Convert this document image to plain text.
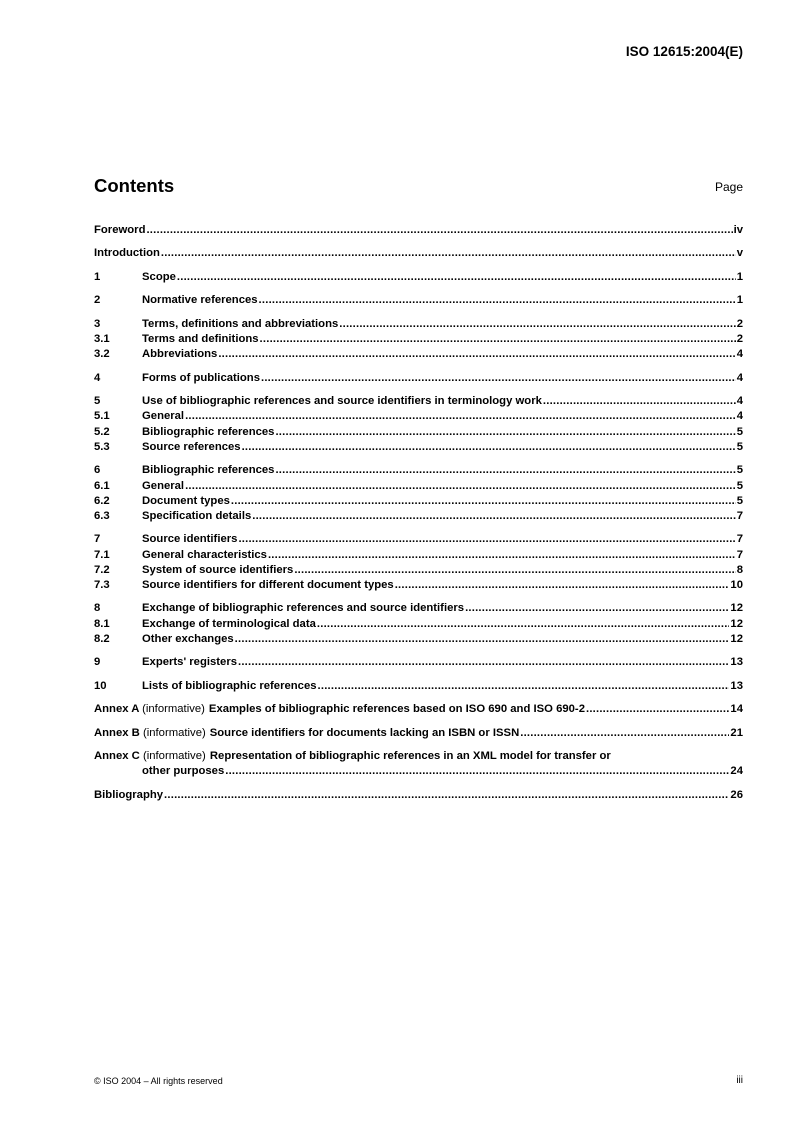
ISO 12615:2004(E)
Contents	Page
Foreword .....	iv
Introduction .....	v
1	Scope .....	1
2	Normative references .....	1
3	Terms, definitions and abbreviations .....	2
3.1	Terms and definitions .....	2
3.2	Abbreviations .....	4
4	Forms of publications .....	4
5	Use of bibliographic references and source identifiers in terminology work .....	4
5.1	General .....	4
5.2	Bibliographic references .....	5
5.3	Source references .....	5
6	Bibliographic references .....	5
6.1	General .....	5
6.2	Document types .....	5
6.3	Specification details .....	7
7	Source identifiers .....	7
7.1	General characteristics .....	7
7.2	System of source identifiers .....	8
7.3	Source identifiers for different document types .....	10
8	Exchange of bibliographic references and source identifiers .....	12
8.1	Exchange of terminological data .....	12
8.2	Other exchanges .....	12
9	Experts' registers .....	13
10	Lists of bibliographic references .....	13
Annex A (informative) Examples of bibliographic references based on ISO 690 and ISO 690-2 .....	14
Annex B (informative) Source identifiers for documents lacking an ISBN or ISSN .....	21
Annex C (informative) Representation of bibliographic references in an XML model for transfer or
other purposes .....	24
Bibliography .....	26
© ISO 2004 – All rights reserved	iii
